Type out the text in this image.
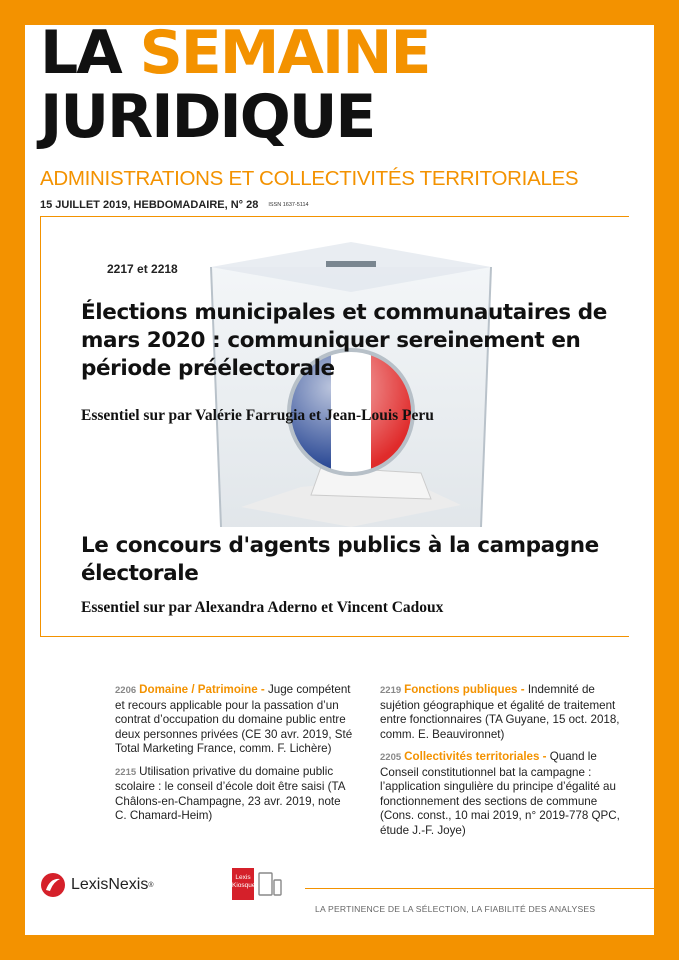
LA SEMAINE
JURIDIQUE
ADMINISTRATIONS ET COLLECTIVITÉS TERRITORIALES
15 JUILLET 2019, HEBDOMADAIRE, N° 28 ISSN 1637-5114
2217 et 2218
Élections municipales et communautaires de mars 2020 : communiquer sereinement en période préélectorale
Essentiel sur par Valérie Farrugia et Jean-Louis Peru
Le concours d'agents publics à la campagne électorale
Essentiel sur par Alexandra Aderno et Vincent Cadoux
2206 Domaine / Patrimoine - Juge compétent et recours applicable pour la passation d’un contrat d’occupation du domaine public entre deux personnes privées (CE 30 avr. 2019, Sté Total Marketing France, comm. F. Lichère)
2215 Utilisation privative du domaine public scolaire : le conseil d’école doit être saisi (TA Châlons-en-Champagne, 23 avr. 2019, note C. Chamard-Heim)
2219 Fonctions publiques - Indemnité de sujétion géographique et égalité de traitement entre fonctionnaires (TA Guyane, 15 oct. 2018, comm. E. Beauvironnet)
2205 Collectivités territoriales - Quand le Conseil constitutionnel bat la campagne : l’application singulière du principe d’égalité au fonctionnement des sections de commune (Cons. const., 10 mai 2019, n° 2019-778 QPC, étude J.-F. Joye)
LexisNexis ®
Lexis
Kiosque
LA PERTINENCE DE LA SÉLECTION, LA FIABILITÉ DES ANALYSES
